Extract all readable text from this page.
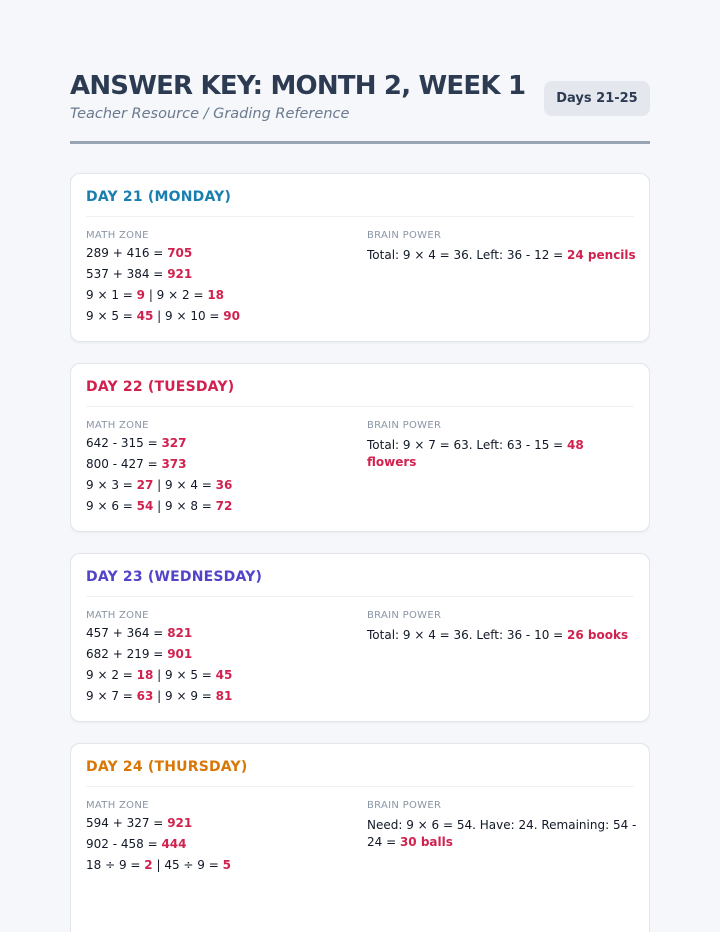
ANSWER KEY: MONTH 2, WEEK 1
Teacher Resource / Grading Reference
Days 21-25
DAY 21 (MONDAY)
MATH ZONE
289 + 416 = 705
537 + 384 = 921
9 × 1 = 9 | 9 × 2 = 18
9 × 5 = 45 | 9 × 10 = 90
BRAIN POWER
Total: 9 × 4 = 36. Left: 36 - 12 = 24 pencils
DAY 22 (TUESDAY)
MATH ZONE
642 - 315 = 327
800 - 427 = 373
9 × 3 = 27 | 9 × 4 = 36
9 × 6 = 54 | 9 × 8 = 72
BRAIN POWER
Total: 9 × 7 = 63. Left: 63 - 15 = 48 flowers
DAY 23 (WEDNESDAY)
MATH ZONE
457 + 364 = 821
682 + 219 = 901
9 × 2 = 18 | 9 × 5 = 45
9 × 7 = 63 | 9 × 9 = 81
BRAIN POWER
Total: 9 × 4 = 36. Left: 36 - 10 = 26 books
DAY 24 (THURSDAY)
MATH ZONE
594 + 327 = 921
902 - 458 = 444
18 ÷ 9 = 2 | 45 ÷ 9 = 5
BRAIN POWER
Need: 9 × 6 = 54. Have: 24. Remaining: 54 - 24 = 30 balls
